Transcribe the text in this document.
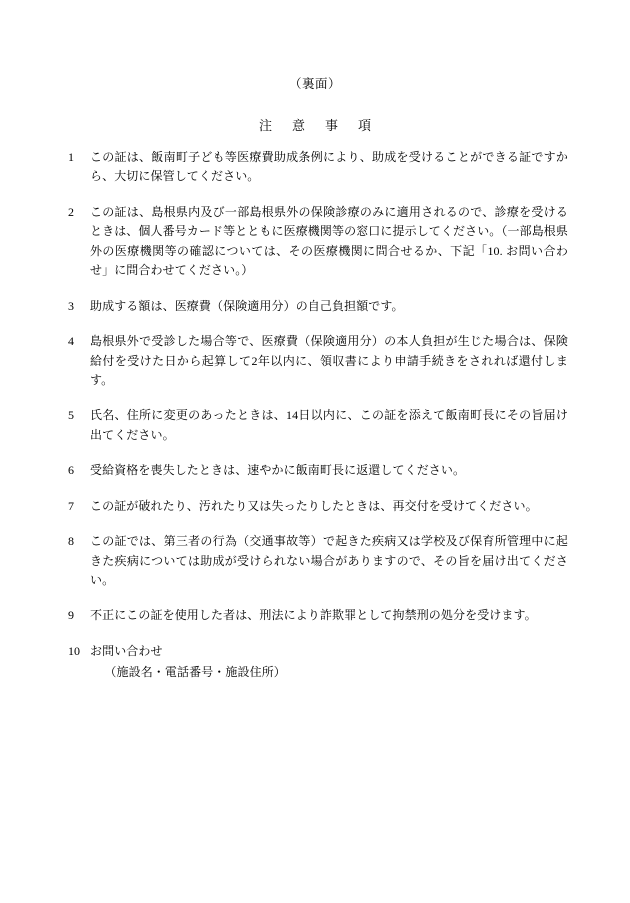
（裏面）
注 意 事 項
1	この証は、飯南町子ども等医療費助成条例により、助成を受けることができる証ですから、大切に保管してください。
2	この証は、島根県内及び一部島根県外の保険診療のみに適用されるので、診療を受けるときは、個人番号カード等とともに医療機関等の窓口に提示してください。（一部島根県外の医療機関等の確認については、その医療機関に問合せるか、下記「10. お問い合わせ」に問合わせてください。）
3	助成する額は、医療費（保険適用分）の自己負担額です。
4	島根県外で受診した場合等で、医療費（保険適用分）の本人負担が生じた場合は、保険給付を受けた日から起算して2年以内に、領収書により申請手続きをされれば還付します。
5	氏名、住所に変更のあったときは、14日以内に、この証を添えて飯南町長にその旨届け出てください。
6	受給資格を喪失したときは、速やかに飯南町長に返還してください。
7	この証が破れたり、汚れたり又は失ったりしたときは、再交付を受けてください。
8	この証では、第三者の行為（交通事故等）で起きた疾病又は学校及び保育所管理中に起きた疾病については助成が受けられない場合がありますので、その旨を届け出てください。
9	不正にこの証を使用した者は、刑法により詐欺罪として拘禁刑の処分を受けます。
10 お問い合わせ
（施設名・電話番号・施設住所）
